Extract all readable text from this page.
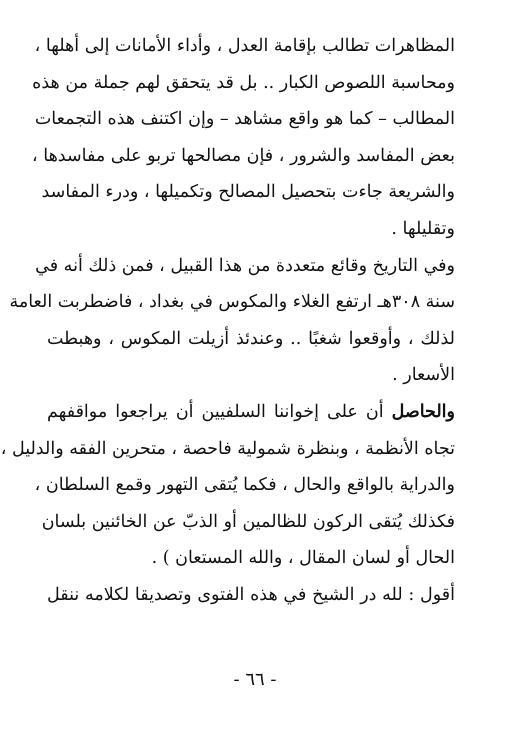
المظاهرات تطالب بإقامة العدل ، وأداء الأمانات إلى أهلها ،
ومحاسبة اللصوص الكبار .. بل قد يتحقق لهم جملة من هذه
المطالب – كما هو واقع مشاهد – وإن اكتنف هذه التجمعات
بعض المفاسد والشرور ، فإن مصالحها تربو على مفاسدها ،
والشريعة جاءت بتحصيل المصالح وتكميلها ، ودرء المفاسد
وتقليلها .
وفي التاريخ وقائع متعددة من هذا القبيل ، فمن ذلك أنه في
سنة ٣٠٨هـ ارتفع الغلاء والمكوس في بغداد ، فاضطربت العامة
لذلك ، وأوقعوا شغبًا .. وعندئذ أزيلت المكوس ، وهبطت
الأسعار .
والحاصل أن على إخواننا السلفيين أن يراجعوا مواقفهم
تجاه الأنظمة ، وبنظرة شمولية فاحصة ، متحرين الفقه والدليل ،
والدراية بالواقع والحال ، فكما يُتقى التهور وقمع السلطان ،
فكذلك يُتقى الركون للظالمين أو الذبّ عن الخائنين بلسان
الحال أو لسان المقال ، والله المستعان ) .
أقول : لله در الشيخ في هذه الفتوى وتصديقا لكلامه ننقل
- ٦٦ -
